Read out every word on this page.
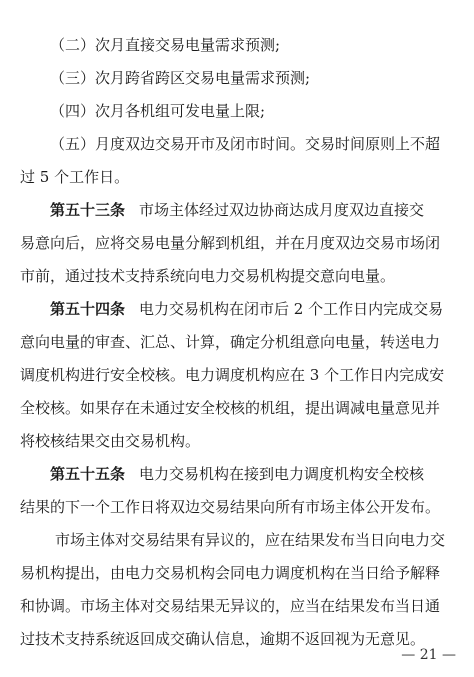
（二）次月直接交易电量需求预测;
（三）次月跨省跨区交易电量需求预测;
（四）次月各机组可发电量上限;
（五）月度双边交易开市及闭市时间。交易时间原则上不超
过 5 个工作日。
第五十三条 市场主体经过双边协商达成月度双边直接交
易意向后，应将交易电量分解到机组，并在月度双边交易市场闭
市前，通过技术支持系统向电力交易机构提交意向电量。
第五十四条 电力交易机构在闭市后 2 个工作日内完成交易
意向电量的审查、汇总、计算，确定分机组意向电量，转送电力
调度机构进行安全校核。电力调度机构应在 3 个工作日内完成安
全校核。如果存在未通过安全校核的机组，提出调减电量意见并
将校核结果交由交易机构。
第五十五条 电力交易机构在接到电力调度机构安全校核
结果的下一个工作日将双边交易结果向所有市场主体公开发布。
市场主体对交易结果有异议的，应在结果发布当日向电力交
易机构提出，由电力交易机构会同电力调度机构在当日给予解释
和协调。市场主体对交易结果无异议的，应当在结果发布当日通
过技术支持系统返回成交确认信息，逾期不返回视为无意见。
— 21 —
